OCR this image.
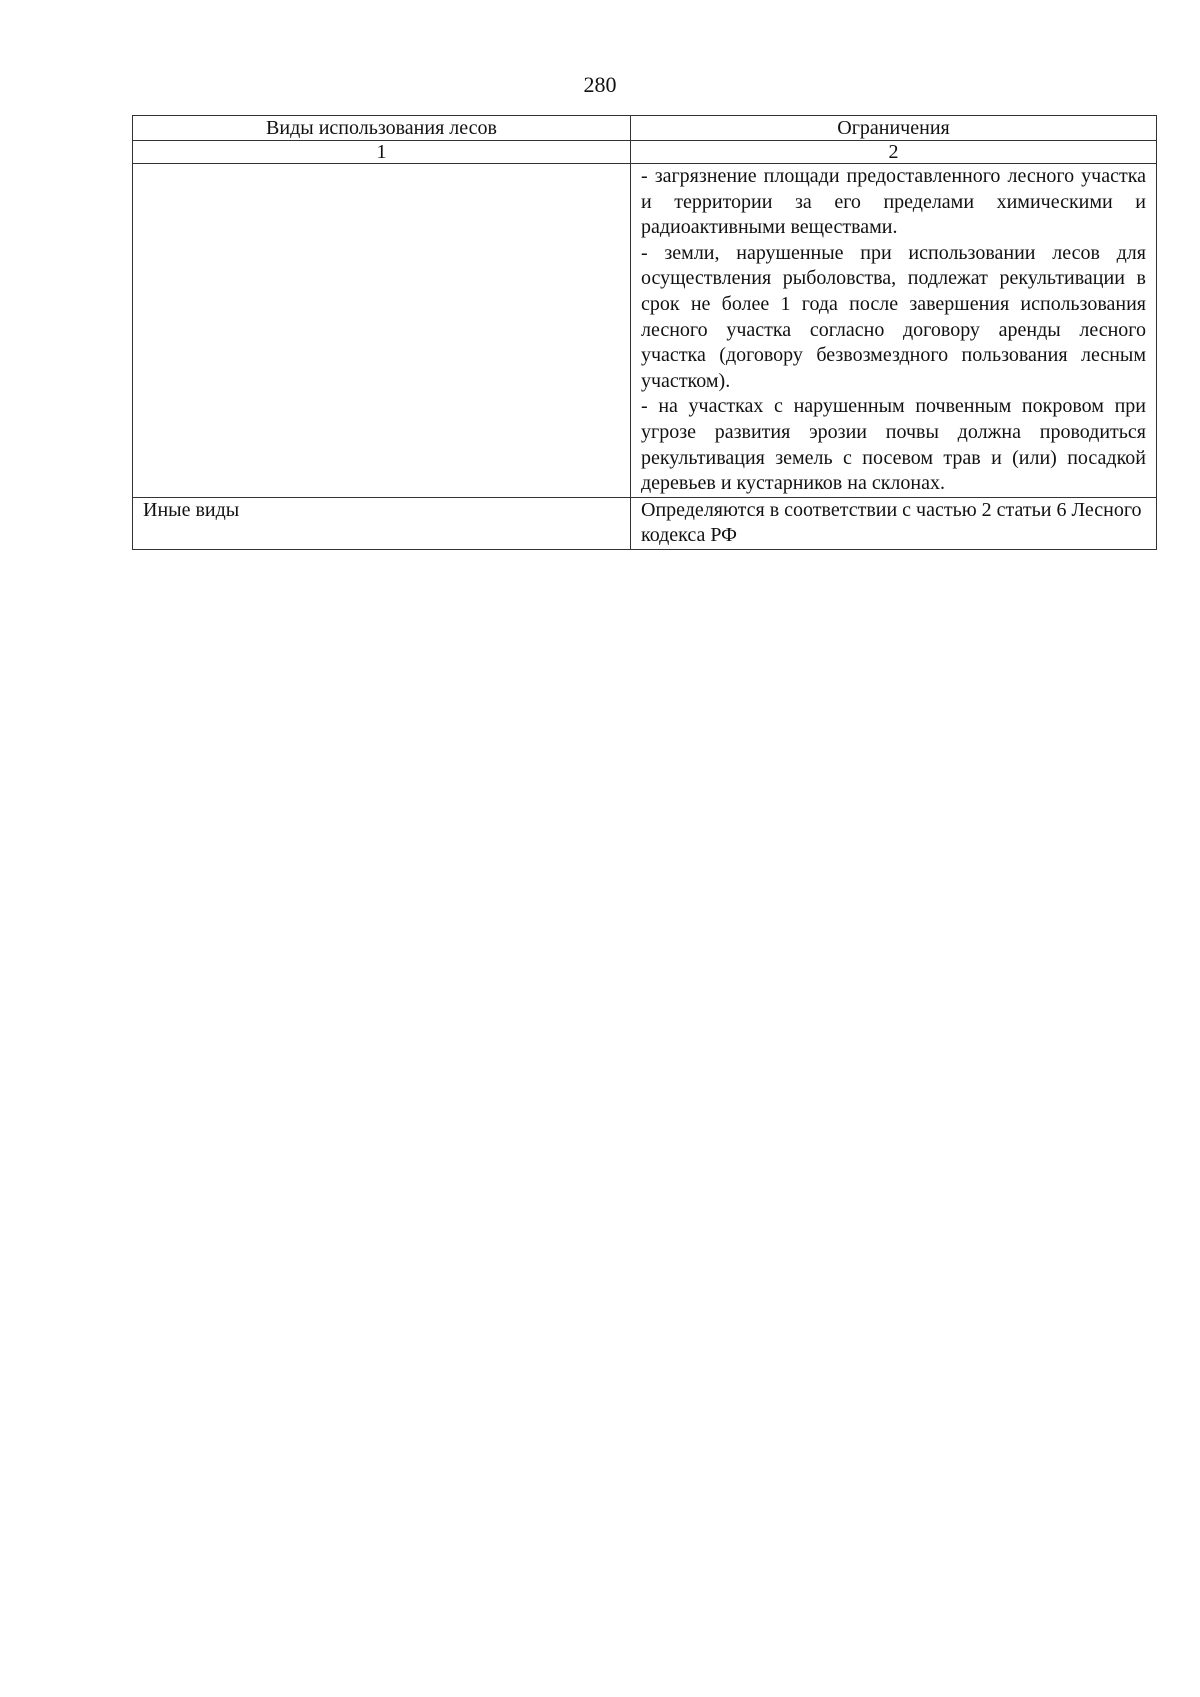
280
Виды использования лесов	Ограничения
1	2

	- загрязнение площади предоставленного лесного участка и территории за его пределами химическими и радиоактивными веществами.

- земли, нарушенные при использовании лесов для осуществления рыболовства, подлежат рекультивации в срок не более 1 года после завершения использования лесного участка согласно договору аренды лесного участка (договору безвозмездного пользования лесным участком).

- на участках с нарушенным почвенным покровом при угрозе развития эрозии почвы должна проводиться рекультивация земель с посевом трав и (или) посадкой деревьев и кустарников на склонах.

Иные виды	Определяются в соответствии с частью 2 статьи 6 Лесного кодекса РФ
